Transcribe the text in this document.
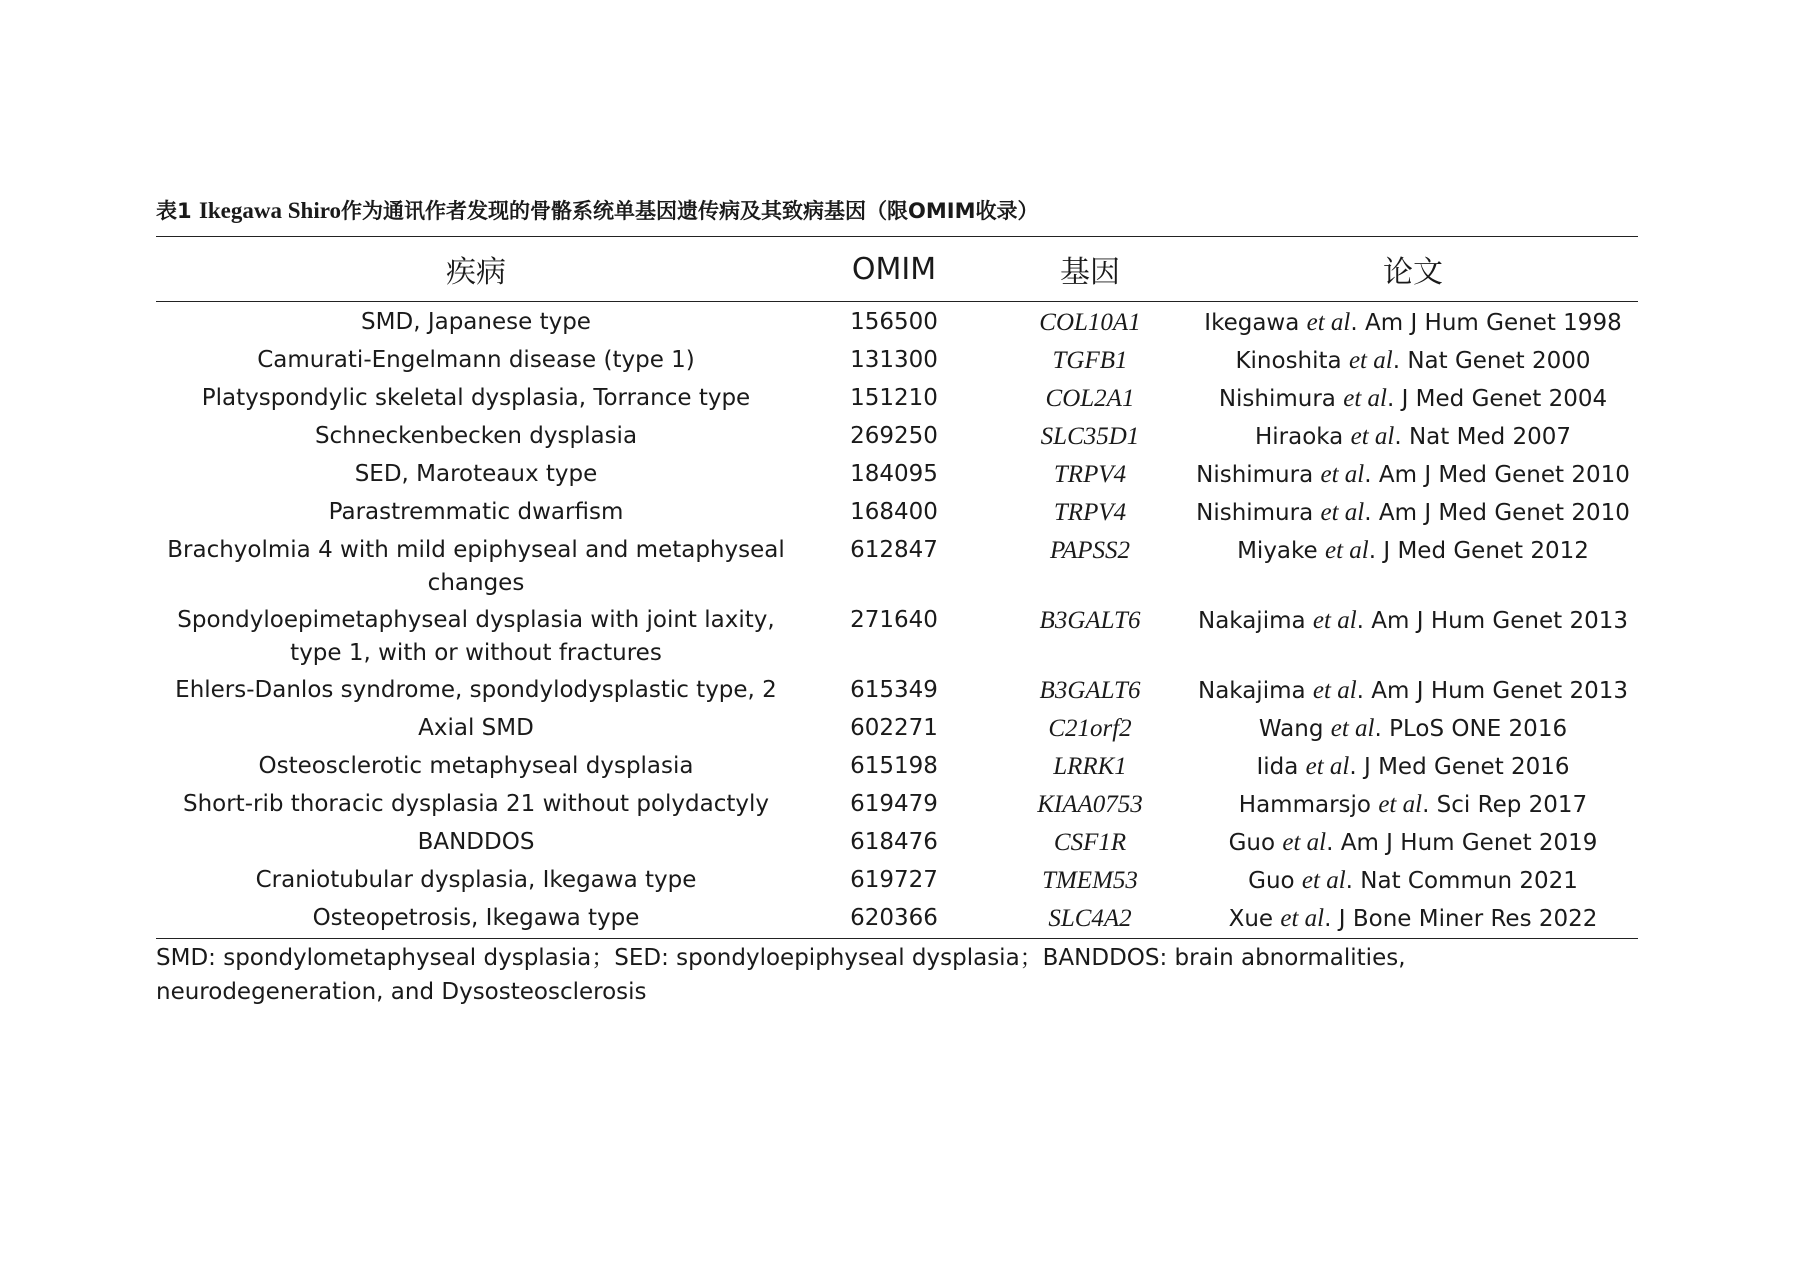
表1 Ikegawa Shiro作为通讯作者发现的骨骼系统单基因遗传病及其致病基因（限OMIM收录）
疾病	OMIM	基因	论文
SMD, Japanese type	156500	COL10A1	Ikegawa et al. Am J Hum Genet 1998
Camurati-Engelmann disease (type 1)	131300	TGFB1	Kinoshita et al. Nat Genet 2000
Platyspondylic skeletal dysplasia, Torrance type	151210	COL2A1	Nishimura et al. J Med Genet 2004
Schneckenbecken dysplasia	269250	SLC35D1	Hiraoka et al. Nat Med 2007
SED, Maroteaux type	184095	TRPV4	Nishimura et al. Am J Med Genet 2010
Parastremmatic dwarfism	168400	TRPV4	Nishimura et al. Am J Med Genet 2010
Brachyolmia 4 with mild epiphyseal and metaphyseal changes	612847	PAPSS2	Miyake et al. J Med Genet 2012
Spondyloepimetaphyseal dysplasia with joint laxity, type 1, with or without fractures	271640	B3GALT6	Nakajima et al. Am J Hum Genet 2013
Ehlers-Danlos syndrome, spondylodysplastic type, 2	615349	B3GALT6	Nakajima et al. Am J Hum Genet 2013
Axial SMD	602271	C21orf2	Wang et al. PLoS ONE 2016
Osteosclerotic metaphyseal dysplasia	615198	LRRK1	Iida et al. J Med Genet 2016
Short-rib thoracic dysplasia 21 without polydactyly	619479	KIAA0753	Hammarsjo et al. Sci Rep 2017
BANDDOS	618476	CSF1R	Guo et al. Am J Hum Genet 2019
Craniotubular dysplasia, Ikegawa type	619727	TMEM53	Guo et al. Nat Commun 2021
Osteopetrosis, Ikegawa type	620366	SLC4A2	Xue et al. J Bone Miner Res 2022
SMD: spondylometaphyseal dysplasia；SED: spondyloepiphyseal dysplasia；BANDDOS: brain abnormalities, neurodegeneration, and Dysosteosclerosis
